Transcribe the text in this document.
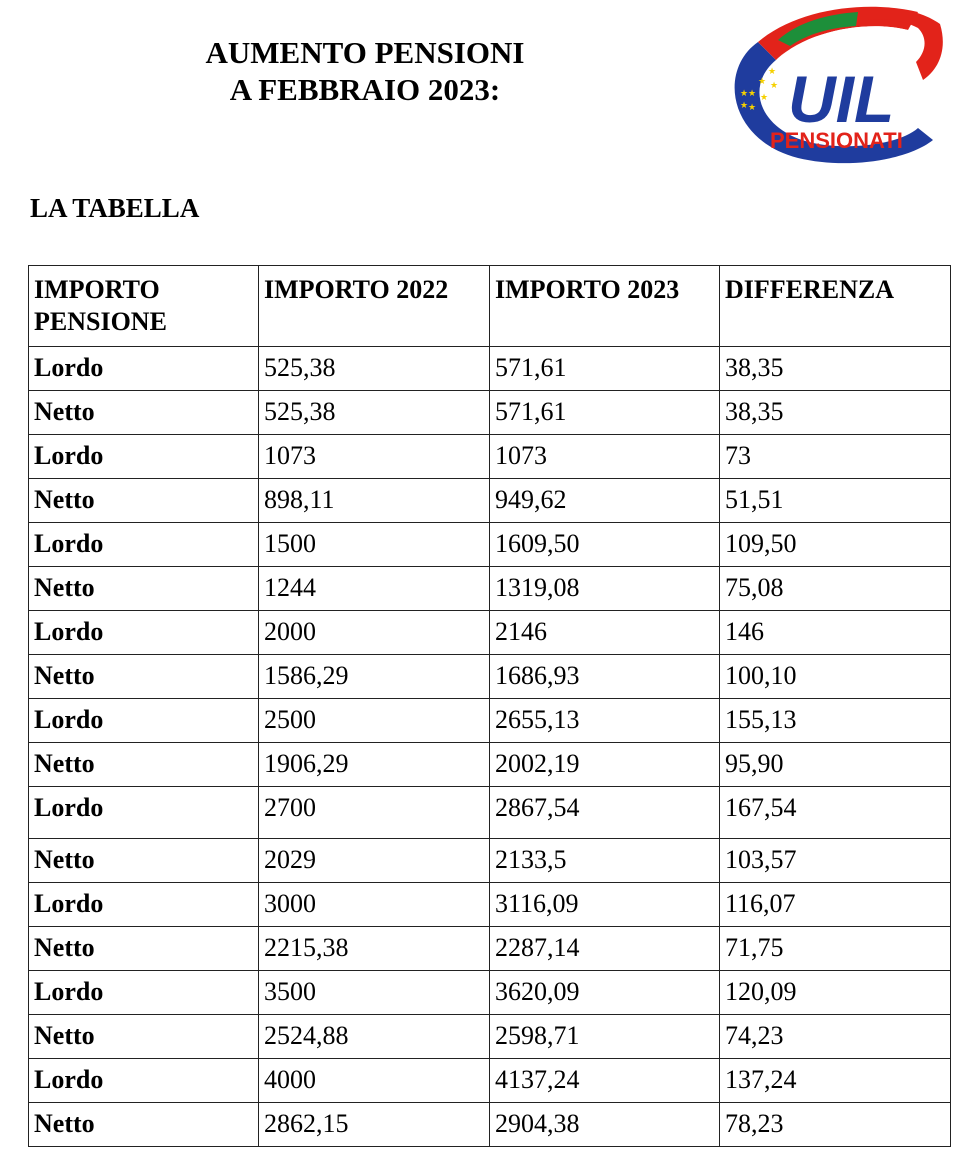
AUMENTO PENSIONI
A FEBBRAIO 2023:	★
★
★
★
★
★
★
★ UIL
PENSIONATI
LA TABELLA
IMPORTO PENSIONE	IMPORTO 2022	IMPORTO 2023	DIFFERENZA
Lordo	525,38	571,61	38,35
Netto	525,38	571,61	38,35
Lordo	1073	1073	73
Netto	898,11	949,62	51,51
Lordo	1500	1609,50	109,50
Netto	1244	1319,08	75,08
Lordo	2000	2146	146
Netto	1586,29	1686,93	100,10
Lordo	2500	2655,13	155,13
Netto	1906,29	2002,19	95,90
Lordo	2700	2867,54	167,54
Netto	2029	2133,5	103,57
Lordo	3000	3116,09	116,07
Netto	2215,38	2287,14	71,75
Lordo	3500	3620,09	120,09
Netto	2524,88	2598,71	74,23
Lordo	4000	4137,24	137,24
Netto	2862,15	2904,38	78,23
